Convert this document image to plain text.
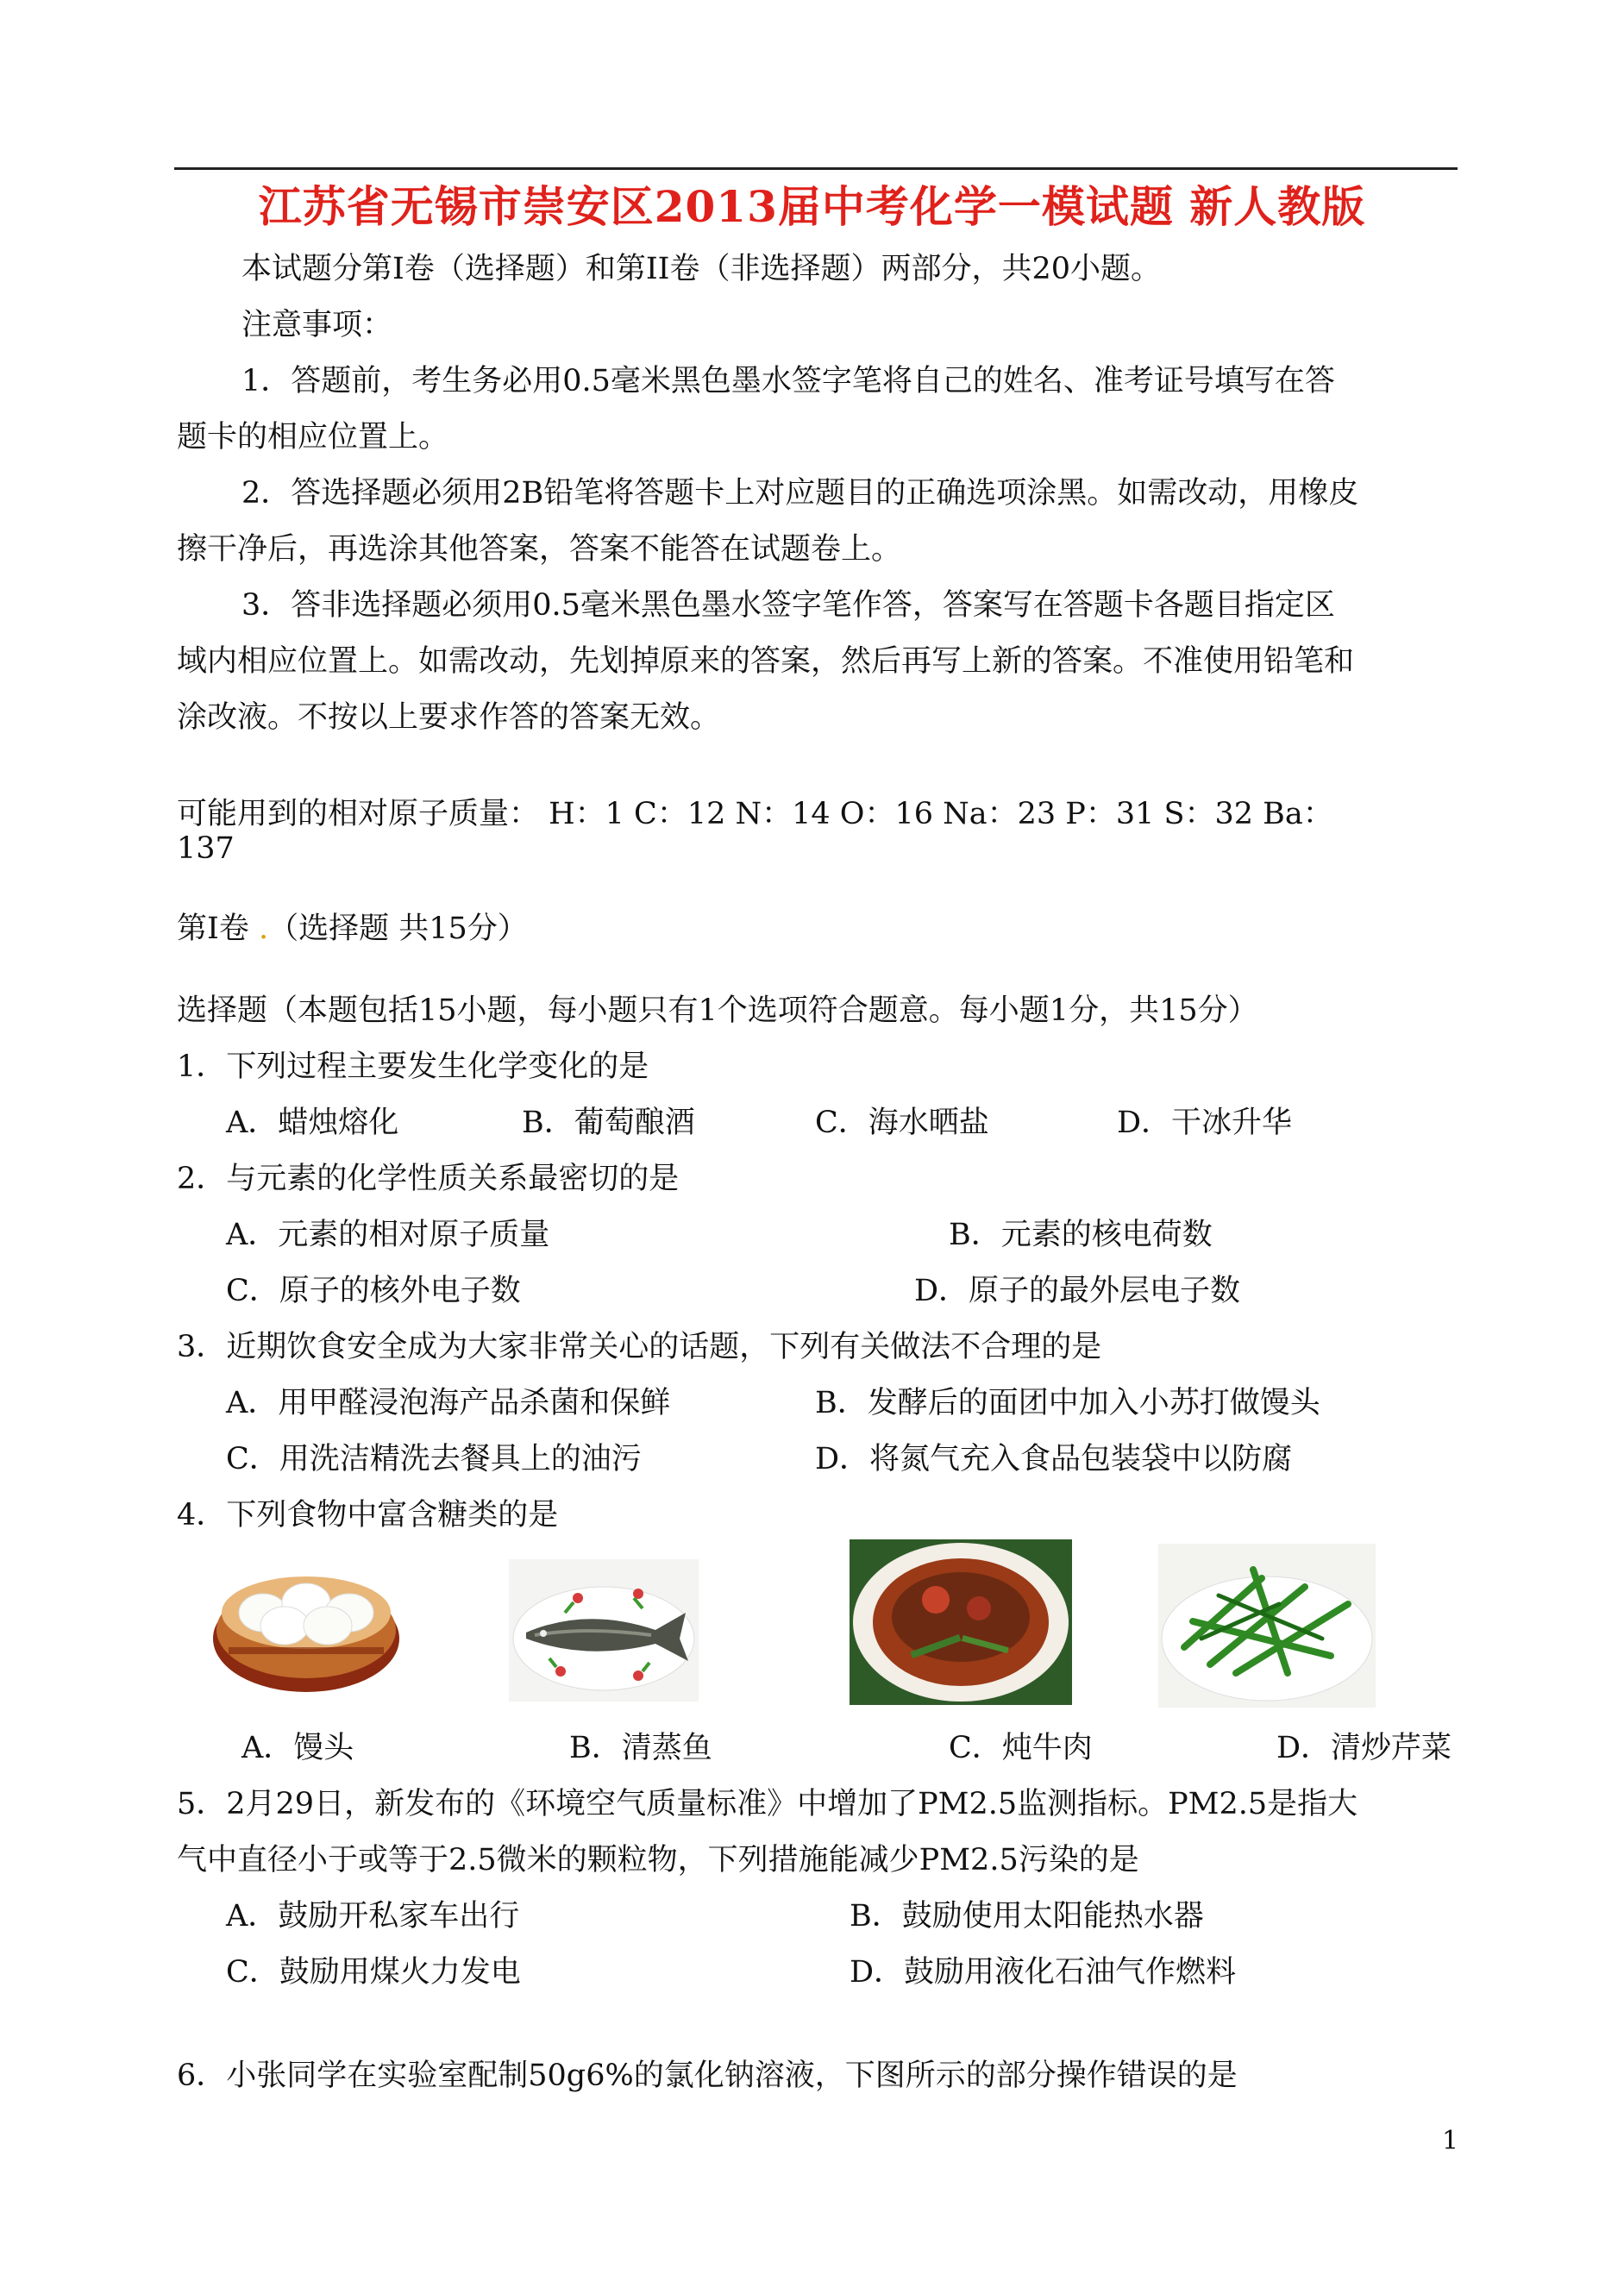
江苏省无锡市崇安区2013届中考化学一模试题 新人教版
本试题分第I卷（选择题）和第II卷（非选择题）两部分，共20小题。
注意事项：
1．答题前，考生务必用0.5毫米黑色墨水签字笔将自己的姓名、准考证号填写在答
题卡的相应位置上。
2．答选择题必须用2B铅笔将答题卡上对应题目的正确选项涂黑。如需改动，用橡皮
擦干净后，再选涂其他答案，答案不能答在试题卷上。
3．答非选择题必须用0.5毫米黑色墨水签字笔作答，答案写在答题卡各题目指定区
域内相应位置上。如需改动，先划掉原来的答案，然后再写上新的答案。不准使用铅笔和
涂改液。不按以上要求作答的答案无效。
可能用到的相对原子质量： H：1 C：12 N：14 O：16 Na：23 P：31 S：32 Ba：
137
第I卷 .（选择题 共15分）
选择题（本题包括15小题，每小题只有1个选项符合题意。每小题1分，共15分）
1．下列过程主要发生化学变化的是
A．蜡烛熔化	B．葡萄酿酒	C．海水晒盐	D．干冰升华
2．与元素的化学性质关系最密切的是
A．元素的相对原子质量	B．元素的核电荷数
C．原子的核外电子数	D．原子的最外层电子数
3．近期饮食安全成为大家非常关心的话题，下列有关做法不合理的是
A．用甲醛浸泡海产品杀菌和保鲜	B．发酵后的面团中加入小苏打做馒头
C．用洗洁精洗去餐具上的油污	D．将氮气充入食品包装袋中以防腐
4．下列食物中富含糖类的是
A．馒头	B．清蒸鱼	C．炖牛肉	D．清炒芹菜
5．2月29日，新发布的《环境空气质量标准》中增加了PM2.5监测指标。PM2.5是指大
气中直径小于或等于2.5微米的颗粒物，下列措施能减少PM2.5污染的是
A．鼓励开私家车出行	B．鼓励使用太阳能热水器
C．鼓励用煤火力发电	D．鼓励用液化石油气作燃料
6．小张同学在实验室配制50g6%的氯化钠溶液，下图所示的部分操作错误的是
1
